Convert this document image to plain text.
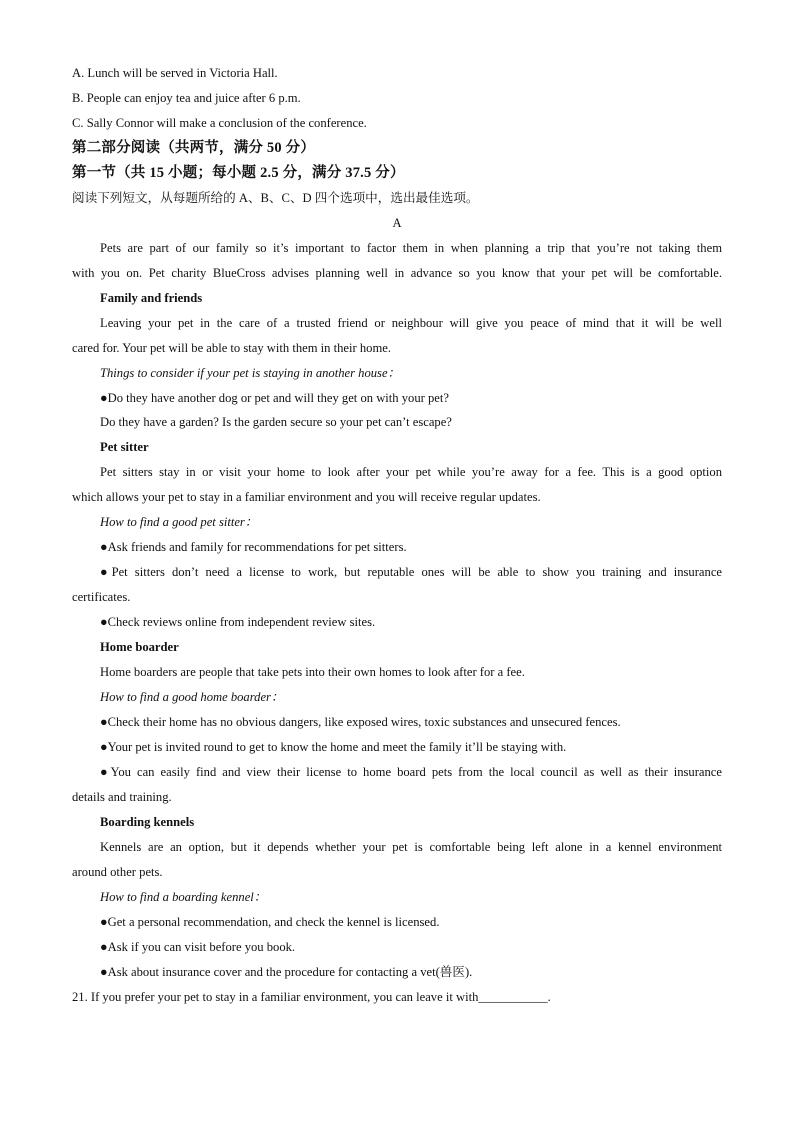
A. Lunch will be served in Victoria Hall.
B. People can enjoy tea and juice after 6 p.m.
C. Sally Connor will make a conclusion of the conference.
第二部分阅读（共两节，满分 50 分）
第一节（共 15 小题；每小题 2.5 分，满分 37.5 分）
阅读下列短文，从每题所给的 A、B、C、D 四个选项中，选出最佳选项。
A
Pets are part of our family so it’s important to factor them in when planning a trip that you’re not taking them
with you on. Pet charity BlueCross advises planning well in advance so you know that your pet will be comfortable.
Family and friends
Leaving your pet in the care of a trusted friend or neighbour will give you peace of mind that it will be well
cared for. Your pet will be able to stay with them in their home.
Things to consider if your pet is staying in another house：
●Do they have another dog or pet and will they get on with your pet?
Do they have a garden? Is the garden secure so your pet can’t escape?
Pet sitter
Pet sitters stay in or visit your home to look after your pet while you’re away for a fee. This is a good option
which allows your pet to stay in a familiar environment and you will receive regular updates.
How to find a good pet sitter：
●Ask friends and family for recommendations for pet sitters.
●Pet sitters don’t need a license to work, but reputable ones will be able to show you training and insurance
certificates.
●Check reviews online from independent review sites.
Home boarder
Home boarders are people that take pets into their own homes to look after for a fee.
How to find a good home boarder：
●Check their home has no obvious dangers, like exposed wires, toxic substances and unsecured fences.
●Your pet is invited round to get to know the home and meet the family it’ll be staying with.
●You can easily find and view their license to home board pets from the local council as well as their insurance
details and training.
Boarding kennels
Kennels are an option, but it depends whether your pet is comfortable being left alone in a kennel environment
around other pets.
How to find a boarding kennel：
●Get a personal recommendation, and check the kennel is licensed.
●Ask if you can visit before you book.
●Ask about insurance cover and the procedure for contacting a vet(兽医).
21. If you prefer your pet to stay in a familiar environment, you can leave it with___________.
